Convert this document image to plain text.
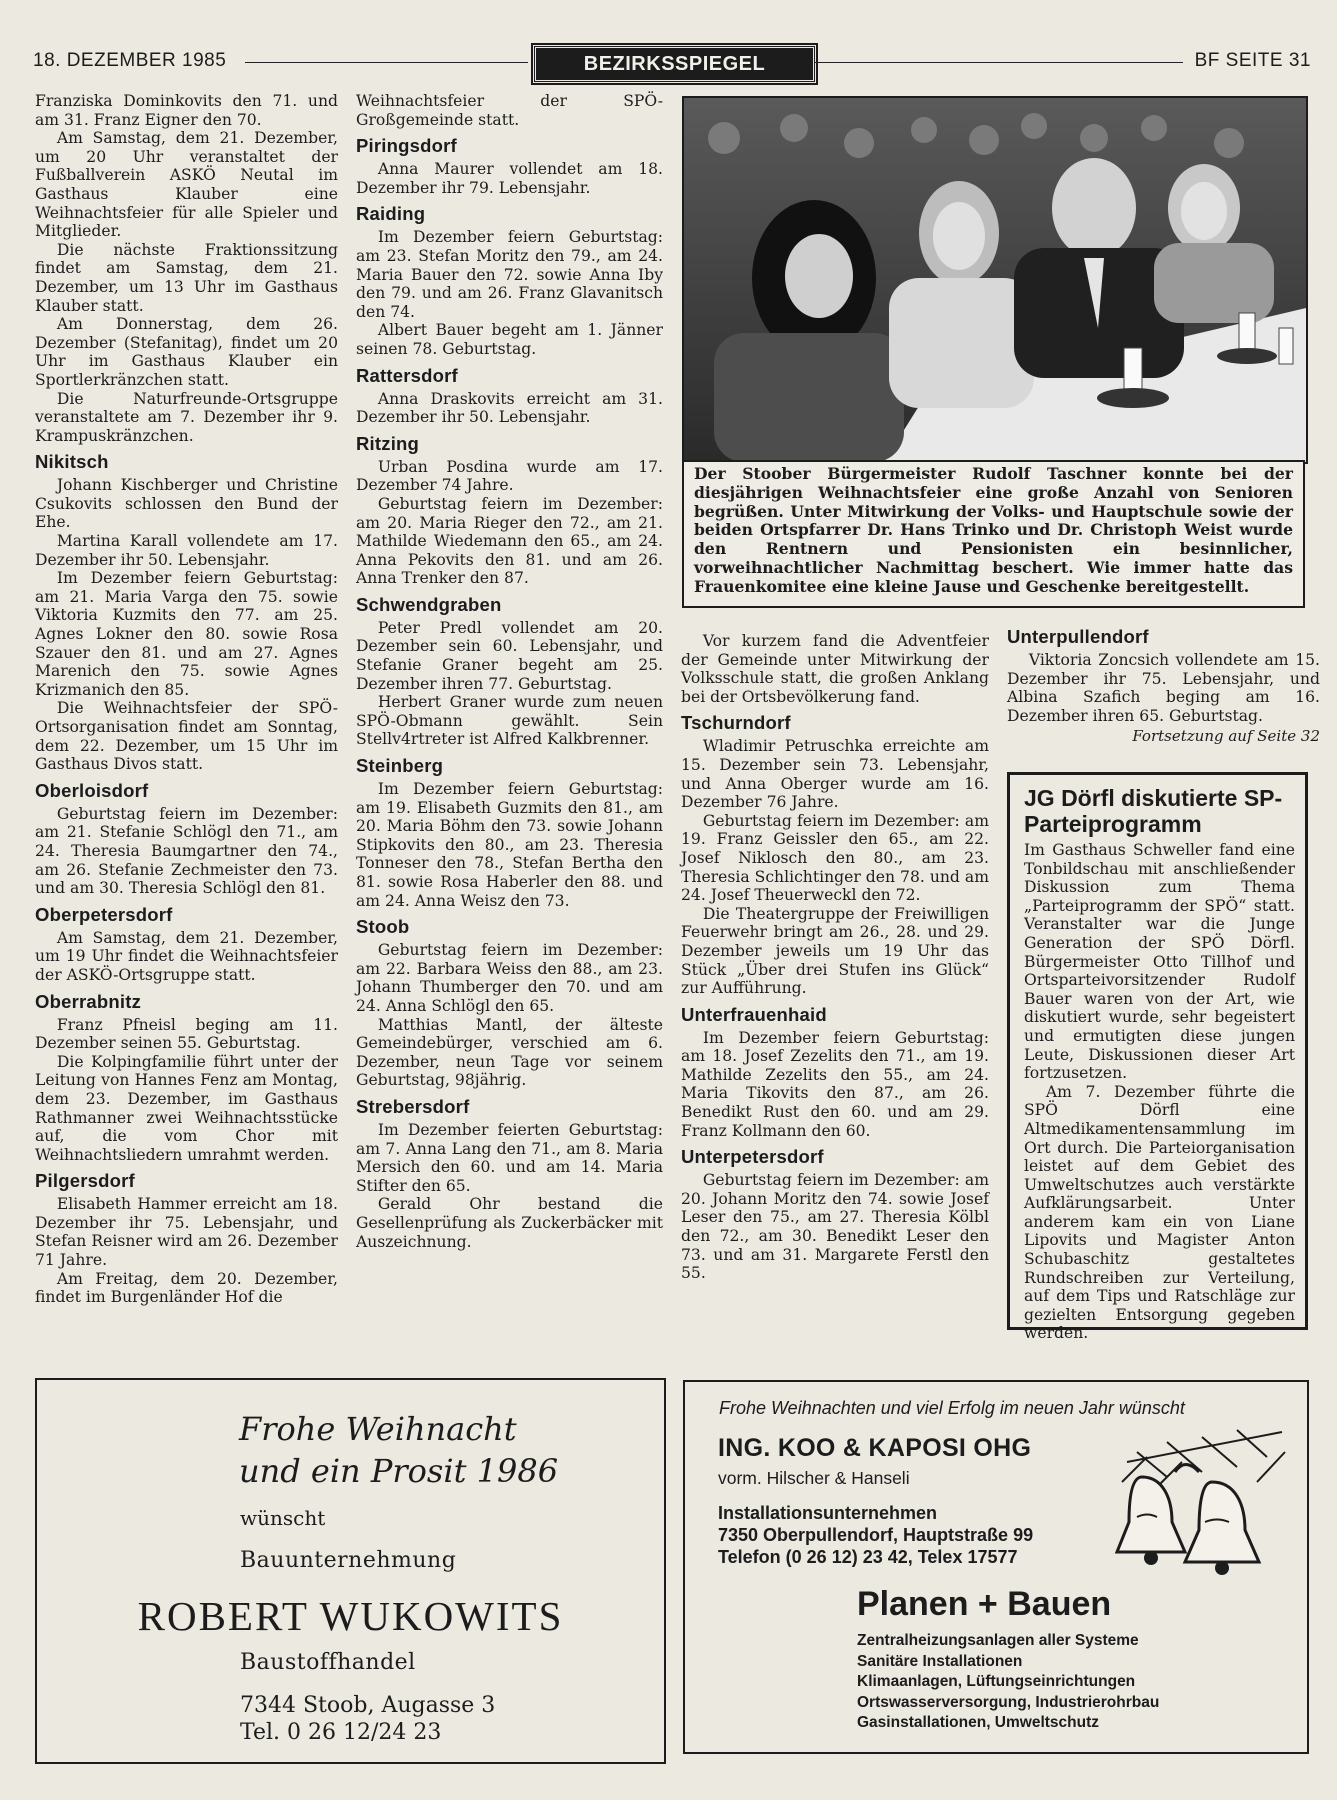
18. DEZEMBER 1985	BEZIRKSSPIEGEL	BF SEITE 31

Franziska Dominkovits den 71. und am 31. Franz Eigner den 70.

Am Samstag, dem 21. Dezember, um 20 Uhr veranstaltet der Fußballverein ASKÖ Neutal im Gasthaus Klauber eine Weihnachtsfeier für alle Spieler und Mitglieder.

Die nächste Fraktionssitzung findet am Samstag, dem 21. Dezember, um 13 Uhr im Gasthaus Klauber statt.

Am Donnerstag, dem 26. Dezember (Stefanitag), findet um 20 Uhr im Gasthaus Klauber ein Sportlerkränzchen statt.

Die Naturfreunde-Ortsgruppe veranstaltete am 7. Dezember ihr 9. Krampuskränzchen.

Nikitsch

Johann Kischberger und Christine Csukovits schlossen den Bund der Ehe.

Martina Karall vollendete am 17. Dezember ihr 50. Lebensjahr.

Im Dezember feiern Geburtstag: am 21. Maria Varga den 75. sowie Viktoria Kuzmits den 77. am 25. Agnes Lokner den 80. sowie Rosa Szauer den 81. und am 27. Agnes Marenich den 75. sowie Agnes Krizmanich den 85.

Die Weihnachtsfeier der SPÖ-Ortsorganisation findet am Sonntag, dem 22. Dezember, um 15 Uhr im Gasthaus Divos statt.

Oberloisdorf

Geburtstag feiern im Dezember: am 21. Stefanie Schlögl den 71., am 24. Theresia Baumgartner den 74., am 26. Stefanie Zechmeister den 73. und am 30. Theresia Schlögl den 81.

Oberpetersdorf

Am Samstag, dem 21. Dezember, um 19 Uhr findet die Weihnachtsfeier der ASKÖ-Ortsgruppe statt.

Oberrabnitz

Franz Pfneisl beging am 11. Dezember seinen 55. Geburtstag.

Die Kolpingfamilie führt unter der Leitung von Hannes Fenz am Montag, dem 23. Dezember, im Gasthaus Rathmanner zwei Weihnachtsstücke auf, die vom Chor mit Weihnachtsliedern umrahmt werden.

Pilgersdorf

Elisabeth Hammer erreicht am 18. Dezember ihr 75. Lebensjahr, und Stefan Reisner wird am 26. Dezember 71 Jahre.

Am Freitag, dem 20. Dezember, findet im Burgenländer Hof die

Weihnachtsfeier der SPÖ-Großgemeinde statt.

Piringsdorf

Anna Maurer vollendet am 18. Dezember ihr 79. Lebensjahr.

Raiding

Im Dezember feiern Geburtstag: am 23. Stefan Moritz den 79., am 24. Maria Bauer den 72. sowie Anna Iby den 79. und am 26. Franz Glavanitsch den 74.

Albert Bauer begeht am 1. Jänner seinen 78. Geburtstag.

Rattersdorf

Anna Draskovits erreicht am 31. Dezember ihr 50. Lebensjahr.

Ritzing

Urban Posdina wurde am 17. Dezember 74 Jahre.

Geburtstag feiern im Dezember: am 20. Maria Rieger den 72., am 21. Mathilde Wiedemann den 65., am 24. Anna Pekovits den 81. und am 26. Anna Trenker den 87.

Schwendgraben

Peter Predl vollendet am 20. Dezember sein 60. Lebensjahr, und Stefanie Graner begeht am 25. Dezember ihren 77. Geburtstag.

Herbert Graner wurde zum neuen SPÖ-Obmann gewählt. Sein Stellv4rtreter ist Alfred Kalkbrenner.

Steinberg

Im Dezember feiern Geburtstag: am 19. Elisabeth Guzmits den 81., am 20. Maria Böhm den 73. sowie Johann Stipkovits den 80., am 23. Theresia Tonneser den 78., Stefan Bertha den 81. sowie Rosa Haberler den 88. und am 24. Anna Weisz den 73.

Stoob

Geburtstag feiern im Dezember: am 22. Barbara Weiss den 88., am 23. Johann Thumberger den 70. und am 24. Anna Schlögl den 65.

Matthias Mantl, der älteste Gemeindebürger, verschied am 6. Dezember, neun Tage vor seinem Geburtstag, 98jährig.

Strebersdorf

Im Dezember feierten Geburtstag: am 7. Anna Lang den 71., am 8. Maria Mersich den 60. und am 14. Maria Stifter den 65.

Gerald Ohr bestand die Gesellenprüfung als Zuckerbäcker mit Auszeichnung.

Der Stoober Bürgermeister Rudolf Taschner konnte bei der diesjährigen Weihnachtsfeier eine große Anzahl von Senioren begrüßen. Unter Mitwirkung der Volks- und Hauptschule sowie der beiden Ortspfarrer Dr. Hans Trinko und Dr. Christoph Weist wurde den Rentnern und Pensionisten ein besinnlicher, vorweihnachtlicher Nachmittag beschert. Wie immer hatte das Frauenkomitee eine kleine Jause und Geschenke bereitgestellt.

Vor kurzem fand die Adventfeier der Gemeinde unter Mitwirkung der Volksschule statt, die großen Anklang bei der Ortsbevölkerung fand.

Tschurndorf

Wladimir Petruschka erreichte am 15. Dezember sein 73. Lebensjahr, und Anna Oberger wurde am 16. Dezember 76 Jahre.

Geburtstag feiern im Dezember: am 19. Franz Geissler den 65., am 22. Josef Niklosch den 80., am 23. Theresia Schlichtinger den 78. und am 24. Josef Theuerweckl den 72.

Die Theatergruppe der Freiwilligen Feuerwehr bringt am 26., 28. und 29. Dezember jeweils um 19 Uhr das Stück „Über drei Stufen ins Glück“ zur Aufführung.

Unterfrauenhaid

Im Dezember feiern Geburtstag: am 18. Josef Zezelits den 71., am 19. Mathilde Zezelits den 55., am 24. Maria Tikovits den 87., am 26. Benedikt Rust den 60. und am 29. Franz Kollmann den 60.

Unterpetersdorf

Geburtstag feiern im Dezember: am 20. Johann Moritz den 74. sowie Josef Leser den 75., am 27. Theresia Kölbl den 72., am 30. Benedikt Leser den 73. und am 31. Margarete Ferstl den 55.

Unterpullendorf

Viktoria Zoncsich vollendete am 15. Dezember ihr 75. Lebensjahr, und Albina Szafich beging am 16. Dezember ihren 65. Geburtstag.

Fortsetzung auf Seite 32
JG Dörfl diskutierte SP-Parteiprogramm

Im Gasthaus Schweller fand eine Tonbildschau mit anschließender Diskussion zum Thema „Parteiprogramm der SPÖ“ statt. Veranstalter war die Junge Generation der SPÖ Dörfl. Bürgermeister Otto Tillhof und Ortsparteivorsitzender Rudolf Bauer waren von der Art, wie diskutiert wurde, sehr begeistert und ermutigten diese jungen Leute, Diskussionen dieser Art fortzusetzen.

Am 7. Dezember führte die SPÖ Dörfl eine Altmedikamentensammlung im Ort durch. Die Parteiorganisation leistet auf dem Gebiet des Umweltschutzes auch verstärkte Aufklärungsarbeit. Unter anderem kam ein von Liane Lipovits und Magister Anton Schubaschitz gestaltetes Rundschreiben zur Verteilung, auf dem Tips und Ratschläge zur gezielten Entsorgung gegeben werden.

Frohe Weihnacht
und ein Prosit 1986
wünscht
Bauunternehmung
ROBERT WUKOWITS
Baustoffhandel
7344 Stoob, Augasse 3
Tel. 0 26 12/24 23
Frohe Weihnachten und viel Erfolg im neuen Jahr wünscht
ING. KOO & KAPOSI OHG
vorm. Hilscher & Hanseli
Installationsunternehmen
7350 Oberpullendorf, Hauptstraße 99
Telefon (0 26 12) 23 42, Telex 17577
Planen + Bauen
Zentralheizungsanlagen aller Systeme
Sanitäre Installationen
Klimaanlagen, Lüftungseinrichtungen
Ortswasserversorgung, Industrierohrbau
Gasinstallationen, Umweltschutz
